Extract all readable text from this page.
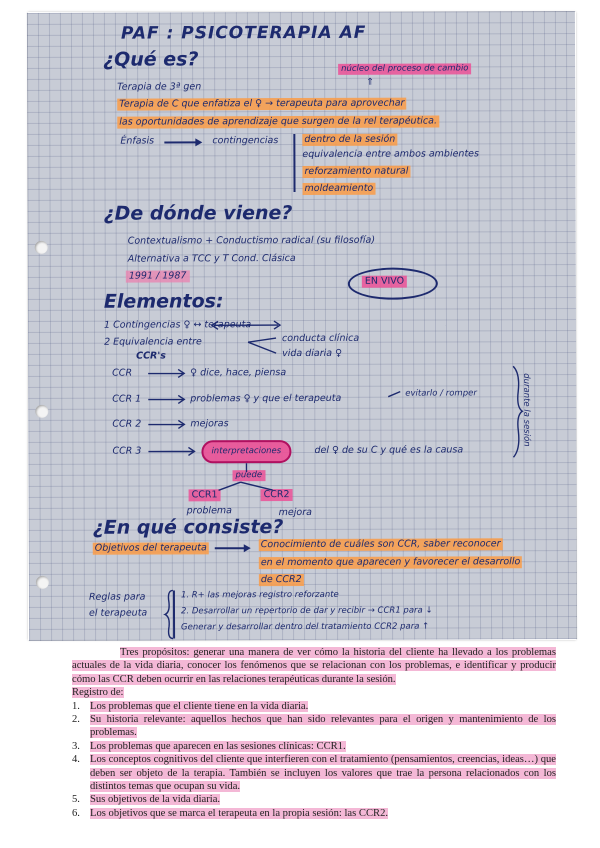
PAF : PSICOTERAPIA AF
¿Qué es?	núcleo del proceso de cambio
⇑
Terapia de 3ª gen
Terapia de C que enfatiza el ♀ → terapeuta para aprovechar
las oportunidades de aprendizaje que surgen de la rel terapéutica.
Énfasis	contingencias	dentro de la sesión
equivalencia entre ambos ambientes
reforzamiento natural
moldeamiento
¿De dónde viene?
Contextualismo + Conductismo radical (su filosofía)
Alternativa a TCC y T Cond. Clásica
1991 / 1987	EN VIVO
Elementos:
1 Contingencias ♀ ↔ terapeuta
2 Equivalencia entre	conducta clínica
vida diaria ♀
CCR's
CCR	♀ dice, hace, piensa
CCR 1	problemas ♀ y que el terapeuta	evitarlo / romper
CCR 2	mejoras
CCR 3	interpretaciones	del ♀ de su C y qué es la causa
durante la sesión
puede
CCR1	CCR2
problema	mejora
¿En qué consiste?
Objetivos del terapeuta	Conocimiento de cuáles son CCR, saber reconocer
en el momento que aparecen y favorecer el desarrollo
de CCR2
Reglas para
el terapeuta
1. R+ las mejoras registro reforzante
2. Desarrollar un repertorio de dar y recibir → CCR1 para ↓
Generar y desarrollar dentro del tratamiento CCR2 para ↑

Tres propósitos: generar una manera de ver cómo la historia del cliente ha llevado a los problemas actuales de la vida diaria, conocer los fenómenos que se relacionan con los problemas, e identificar y producir cómo las CCR deben ocurrir en las relaciones terapéuticas durante la sesión.

Registro de:

1. Los problemas que el cliente tiene en la vida diaria.
2. Su historia relevante: aquellos hechos que han sido relevantes para el origen y mantenimiento de los problemas.
3. Los problemas que aparecen en las sesiones clínicas: CCR1.
4. Los conceptos cognitivos del cliente que interfieren con el tratamiento (pensamientos, creencias, ideas…) que deben ser objeto de la terapia. También se incluyen los valores que trae la persona relacionados con los distintos temas que ocupan su vida.
5. Sus objetivos de la vida diaria.
6. Los objetivos que se marca el terapeuta en la propia sesión: las CCR2.
